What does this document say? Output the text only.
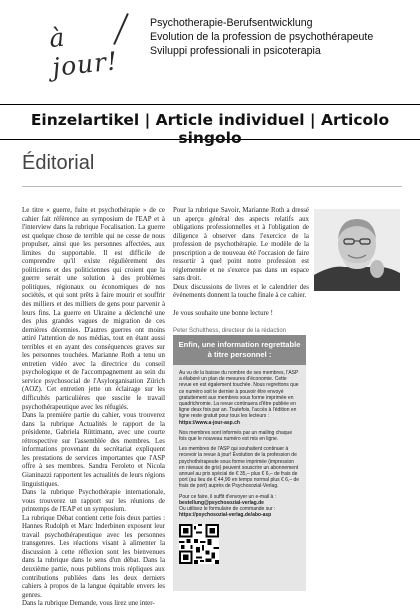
à jour!
Psychotherapie-Berufsentwicklung
Evolution de la profession de psychothérapeute
Sviluppi professionali in psicoterapia
Einzelartikel | Article individuel | Articolo singolo
Éditorial

Le titre « guerre, fuite et psychothérapie » de ce cahier fait référence au symposium de l'EAP et à l'interview dans la rubrique Focalisation. La guerre est quelque chose de terrible qui ne cesse de nous propulser, ainsi que les personnes affectées, aux limites du supportable. Il est difficile de comprendre qu'il existe régulièrement des politiciens et des politiciennes qui croient que la guerre serait une solution à des problèmes politiques, régionaux ou économiques de nos sociétés, et qui sont prêts à faire mourir et souffrir des milliers et des milliers de gens pour parvenir à leurs fins. La guerre en Ukraine a déclenché une des plus grandes vagues de migration de ces dernières décennies. D'autres guerres ont moins attiré l'attention de nos médias, tout en étant aussi terribles et en ayant des conséquences graves sur les personnes touchées. Marianne Roth a tenu un entretien vidéo avec la directrice du conseil psychologique et de l'accompagnement au sein du service psychosocial de l'Asylorganisation Zürich (AOZ). Cet entretien jette un éclairage sur les difficultés particulières que suscite le travail psychothérapeutique avec les réfugiés.

Dans la première partie du cahier, vous trouverez dans la rubrique Actualités le rapport de la présidente, Gabriela Rüttimann, avec une courte rétrospective sur l'assemblée des membres. Les informations provenant du secrétariat expliquent les prestations de services importantes que l'ASP offre à ses membres. Sandra Feroleto et Nicola Gianinazzi rapportent les actualités de leurs régions linguistiques.

Dans la rubrique Psychothérapie internationale, vous trouverez un rapport sur les réunions de printemps de l'EAP et un symposium.

La rubrique Débat contient cette fois deux parties : Hannes Rudolph et Marc Inderbinen exposent leur travail psychothérapeutique avec les personnes transgenres. Les réactions visant à alimenter la discussion à cette réflexion sont les bienvenues dans la rubrique dans le sens d'un débat. Dans la deuxième partie, nous publions trois répliques aux contributions publiées dans les deux derniers cahiers à propos de la langue équitable envers les genres.

Dans la rubrique Demande, vous lirez une inter-

Pour la rubrique Savoir, Marianne Roth a dressé un aperçu général des aspects relatifs aux obligations professionnelles et à l'obligation de diligence à observer dans l'exercice de la profession de psychothérapie. Le modèle de la prescription a de nouveau été l'occasion de faire ressortir à quel point notre profession est réglementée et ne s'exerce pas dans un espace sans droit.

Deux discussions de livres et le calendrier des événements donnent la touche finale à ce cahier.

Je vous souhaite une bonne lecture !

Peter Schulthess, directeur de la rédaction
Enfin, une information regrettable à titre personnel :

Au vu de la baisse du nombre de ses membres, l'ASP a élaboré un plan de mesures d'économie. Cette revue en est également touchée. Nous regrettons que ce numéro soit le dernier à pouvoir être envoyé gratuitement aux membres sous forme imprimée en quadrichromie. La revue continuera d'être publiée en ligne deux fois par an. Toutefois, l'accès à l'édition en ligne reste gratuit pour tous les lecteurs :
https://www.a-jour-asp.ch

Nos membres sont informés par un mailing chaque fois que le nouveau numéro est mis en ligne.

Les membres de l'ASP qui souhaitent continuer à recevoir la revue à jour! Évolution de la profession de psychothérapeute sous forme imprimée (impression en niveaux de gris) peuvent souscrire un abonnement annuel au prix spécial de € 35,– plus € 6,– de frais de port (au lieu de € 44,90 en temps normal plus € 6,– de frais de port) auprès de Psychosozial-Verlag.

Pour ce faire, il suffit d'envoyer un e-mail à :
bestellung@psychosozial-verlag.de
Ou utilisez le formulaire de commande sur :
https://psychosozial-verlag.de/abo-asp
